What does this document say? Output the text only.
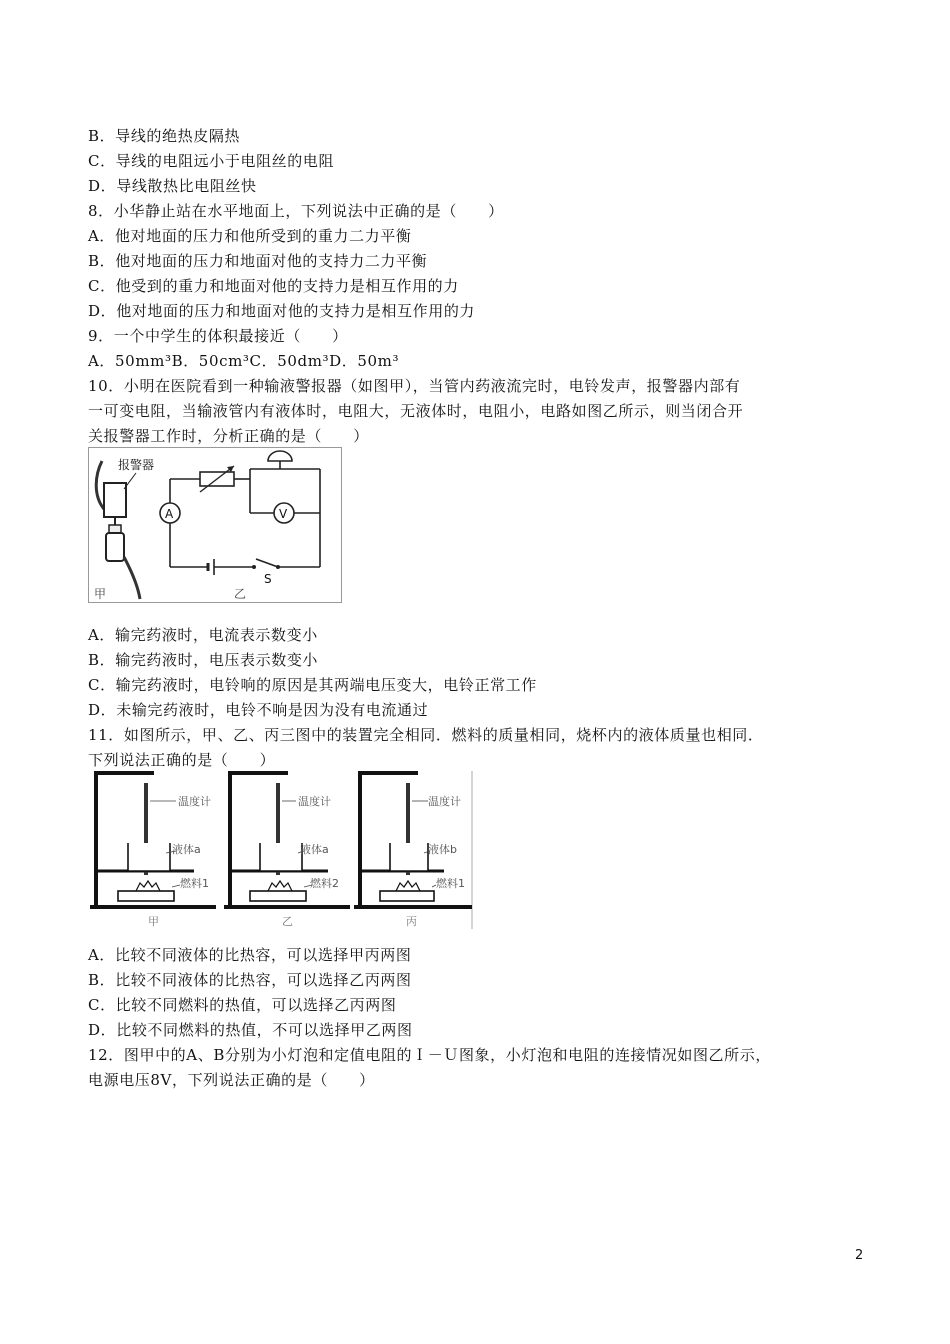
B．导线的绝热皮隔热
C．导线的电阻远小于电阻丝的电阻
D．导线散热比电阻丝快
8．小华静止站在水平地面上，下列说法中正确的是（　　）
A．他对地面的压力和他所受到的重力二力平衡
B．他对地面的压力和地面对他的支持力二力平衡
C．他受到的重力和地面对他的支持力是相互作用的力
D．他对地面的压力和地面对他的支持力是相互作用的力
9．一个中学生的体积最接近（　　）
A．50mm³B．50cm³C．50dm³D．50m³
10．小明在医院看到一种输液警报器（如图甲），当管内药液流完时，电铃发声，报警器内部有
一可变电阻，当输液管内有液体时，电阻大，无液体时，电阻小，电路如图乙所示，则当闭合开
关报警器工作时，分析正确的是（　　）
报警器
甲
V
S
A
乙
A．输完药液时，电流表示数变小
B．输完药液时，电压表示数变小
C．输完药液时，电铃响的原因是其两端电压变大，电铃正常工作
D．未输完药液时，电铃不响是因为没有电流通过
11．如图所示，甲、乙、丙三图中的装置完全相同．燃料的质量相同，烧杯内的液体质量也相同．
下列说法正确的是（　　）
温度计
液体a
燃料1
甲
温度计
液体a
燃料2
乙
温度计
液体b
燃料1
丙
A．比较不同液体的比热容，可以选择甲丙两图
B．比较不同液体的比热容，可以选择乙丙两图
C．比较不同燃料的热值，可以选择乙丙两图
D．比较不同燃料的热值，不可以选择甲乙两图
12．图甲中的A、B分别为小灯泡和定值电阻的Ｉ－Ｕ图象，小灯泡和电阻的连接情况如图乙所示，
电源电压8V，下列说法正确的是（　　）
2
